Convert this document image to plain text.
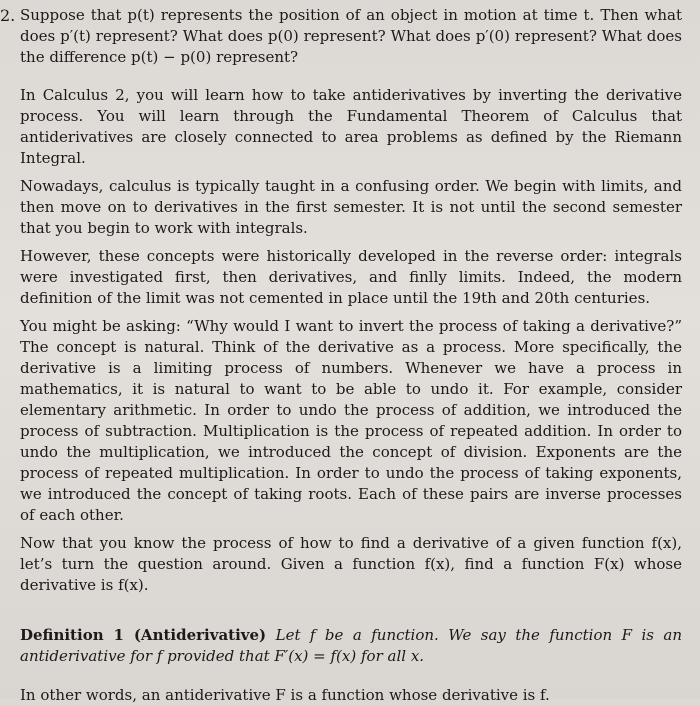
2. Suppose that p(t) represents the position of an object in motion at time t. Then what does p′(t) represent? What does p(0) represent? What does p′(0) represent? What does the difference p(t) − p(0) represent?
In Calculus 2, you will learn how to take antiderivatives by inverting the derivative process. You will learn through the Fundamental Theorem of Calculus that antiderivatives are closely connected to area problems as defined by the Riemann Integral.
Nowadays, calculus is typically taught in a confusing order. We begin with limits, and then move on to derivatives in the first semester. It is not until the second semester that you begin to work with integrals.
However, these concepts were historically developed in the reverse order: integrals were investigated first, then derivatives, and finlly limits. Indeed, the modern definition of the limit was not cemented in place until the 19th and 20th centuries.
You might be asking: “Why would I want to invert the process of taking a derivative?” The concept is natural. Think of the derivative as a process. More specifically, the derivative is a limiting process of numbers. Whenever we have a process in mathematics, it is natural to want to be able to undo it. For example, consider elementary arithmetic. In order to undo the process of addition, we introduced the process of subtraction. Multiplication is the process of repeated addition. In order to undo the multiplication, we introduced the concept of division. Exponents are the process of repeated multiplication. In order to undo the process of taking exponents, we introduced the concept of taking roots. Each of these pairs are inverse processes of each other.
Now that you know the process of how to find a derivative of a given function f(x), let’s turn the question around. Given a function f(x), find a function F(x) whose derivative is f(x).
Definition 1 (Antiderivative) Let f be a function. We say the function F is an antiderivative for f provided that F′(x) = f(x) for all x.
In other words, an antiderivative F is a function whose derivative is f.
